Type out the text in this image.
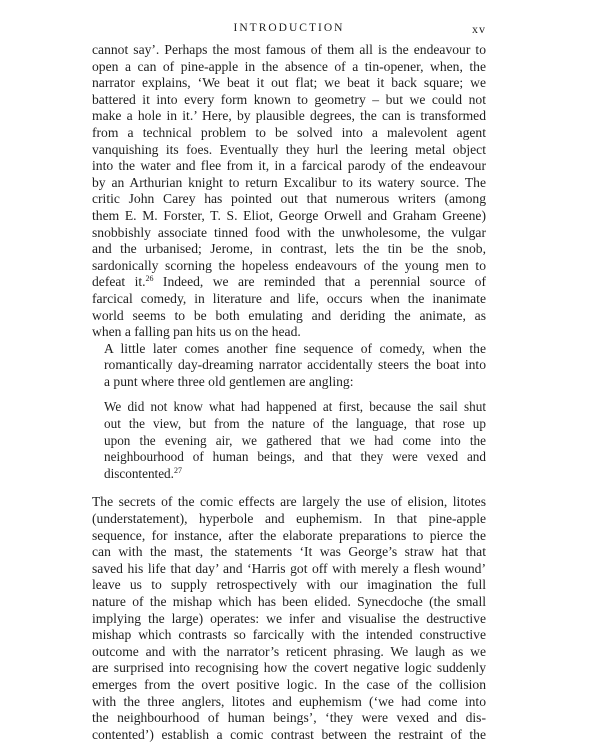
INTRODUCTION	xv

cannot say’. Perhaps the most famous of them all is the endeavour to
open a can of pine-apple in the absence of a tin-opener, when, the
narrator explains, ‘We beat it out flat; we beat it back square; we
battered it into every form known to geometry – but we could not
make a hole in it.’ Here, by plausible degrees, the can is transformed
from a technical problem to be solved into a malevolent agent
vanquishing its foes. Eventually they hurl the leering metal object
into the water and flee from it, in a farcical parody of the endeavour
by an Arthurian knight to return Excalibur to its watery source. The
critic John Carey has pointed out that numerous writers (among
them E. M. Forster, T. S. Eliot, George Orwell and Graham Greene)
snobbishly associate tinned food with the unwholesome, the vulgar
and the urbanised; Jerome, in contrast, lets the tin be the snob,
sardonically scorning the hopeless endeavours of the young men to
defeat it.$^{26}$ Indeed, we are reminded that a perennial source of
farcical comedy, in literature and life, occurs when the inanimate
world seems to be both emulating and deriding the animate, as
when a falling pan hits us on the head.

A little later comes another fine sequence of comedy, when the
romantically day-dreaming narrator accidentally steers the boat into
a punt where three old gentlemen are angling:

We did not know what had happened at first, because the sail shut
out the view, but from the nature of the language, that rose up
upon the evening air, we gathered that we had come into the
neighbourhood of human beings, and that they were vexed and
discontented.$^{27}$

The secrets of the comic effects are largely the use of elision, litotes
(understatement), hyperbole and euphemism. In that pine-apple
sequence, for instance, after the elaborate preparations to pierce the
can with the mast, the statements ‘It was George’s straw hat that
saved his life that day’ and ‘Harris got off with merely a flesh wound’
leave us to supply retrospectively with our imagination the full
nature of the mishap which has been elided. Synecdoche (the small
implying the large) operates: we infer and visualise the destructive
mishap which contrasts so farcically with the intended constructive
outcome and with the narrator’s reticent phrasing. We laugh as we
are surprised into recognising how the covert negative logic suddenly
emerges from the overt positive logic. In the case of the collision
with the three anglers, litotes and euphemism (‘we had come into
the neighbourhood of human beings’, ‘they were vexed and dis-
contented’) establish a comic contrast between the restraint of the
